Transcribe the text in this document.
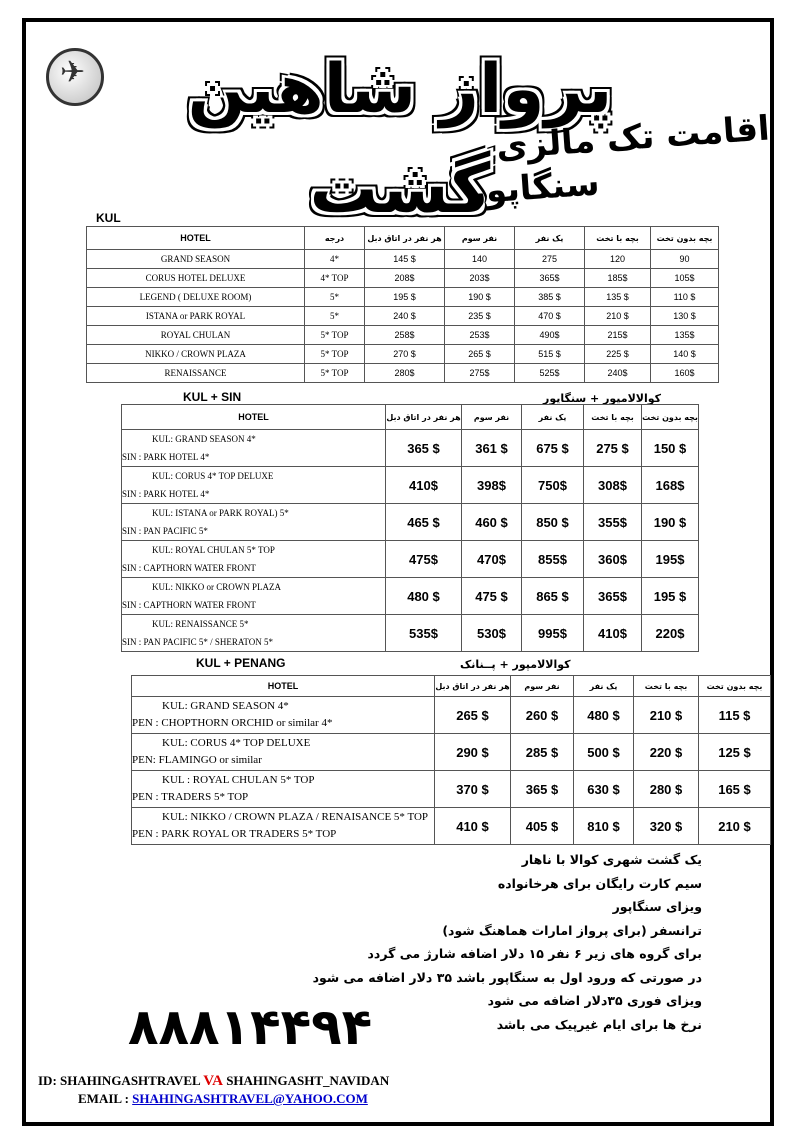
✈
پرواز شاهین گشت
اقامت تک مالزی
سنگاپور
KUL
HOTEL	درجه	هر نفر در اتاق دبل	نفر سوم	یک نفر	بچه با تخت	بچه بدون تخت
GRAND SEASON	4*	145 $	140	275	120	90
CORUS HOTEL DELUXE	4* TOP	208$	203$	365$	185$	105$
LEGEND ( DELUXE ROOM)	5*	195 $	190 $	385 $	135 $	110 $
ISTANA or PARK ROYAL	5*	240 $	235 $	470 $	210 $	130 $
ROYAL CHULAN	5* TOP	258$	253$	490$	215$	135$
NIKKO / CROWN PLAZA	5* TOP	270 $	265 $	515 $	225 $	140 $
RENAISSANCE	5* TOP	280$	275$	525$	240$	160$
KUL + SIN	کوالالامپور + سنگاپور
HOTEL	هر نفر در اتاق دبل	نفر سوم	یک نفر	بچه با تخت	بچه بدون تخت

KUL: GRAND SEASON 4*
SIN : PARK HOTEL 4*	365 $	361 $	675 $	275 $	150 $

KUL: CORUS 4* TOP DELUXE
SIN : PARK HOTEL 4*	410$	398$	750$	308$	168$

KUL: ISTANA or PARK ROYAL) 5*
SIN : PAN PACIFIC 5*	465 $	460 $	850 $	355$	190 $

KUL: ROYAL CHULAN 5* TOP
SIN : CAPTHORN WATER FRONT	475$	470$	855$	360$	195$

KUL: NIKKO or CROWN PLAZA
SIN : CAPTHORN WATER FRONT	480 $	475 $	865 $	365$	195 $

KUL: RENAISSANCE 5*
SIN : PAN PACIFIC 5* / SHERATON 5*	535$	530$	995$	410$	220$
KUL + PENANG	کوالالامپور + پــنانک
HOTEL	هر نفر در اتاق دبل	نفر سوم	یک نفر	بچه با تخت	بچه بدون تخت

KUL: GRAND SEASON 4*
PEN : CHOPTHORN ORCHID or similar 4*	265 $	260 $	480 $	210 $	115 $

KUL: CORUS 4* TOP DELUXE
PEN: FLAMINGO or similar	290 $	285 $	500 $	220 $	125 $

KUL : ROYAL CHULAN 5* TOP
PEN : TRADERS 5* TOP	370 $	365 $	630 $	280 $	165 $

KUL: NIKKO / CROWN PLAZA / RENAISANCE 5* TOP
PEN : PARK ROYAL OR TRADERS 5* TOP	410 $	405 $	810 $	320 $	210 $
یک گشت شهری کوالا با ناهار
سیم کارت رایگان برای هرخانواده
ویزای سنگاپور
ترانسفر (برای پرواز امارات هماهنگ شود)
برای گروه های زیر ۶ نفر ۱۵ دلار اضافه شارژ می گردد
در صورتی که ورود اول به سنگاپور باشد ۳۵ دلار اضافه می شود
ویزای فوری ۳۵دلار اضافه می شود
نرخ ها برای ایام غیرپیک می باشد
۸۸۸۱۴۴۹۴
ID: SHAHINGASHTRAVEL VA SHAHINGASHT_NAVIDAN
EMAIL : SHAHINGASHTRAVEL@YAHOO.COM
